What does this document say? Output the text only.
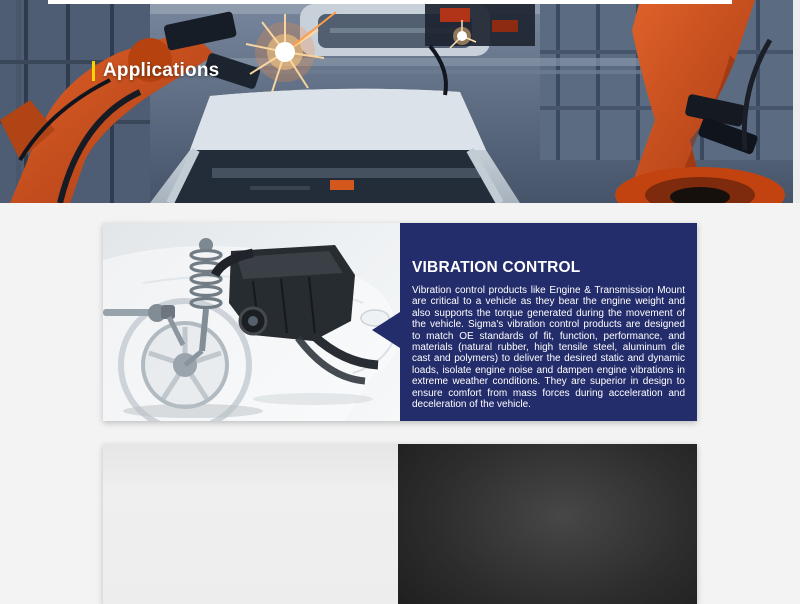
Applications
VIBRATION CONTROL

Vibration control products like Engine & Transmission Mount are critical to a vehicle as they bear the engine weight and also supports the torque generated during the movement of the vehicle. Sigma's vibration control products are designed to match OE standards of fit, function, performance, and materials (natural rubber, high tensile steel, aluminum die cast and polymers) to deliver the desired static and dynamic loads, isolate engine noise and dampen engine vibrations in extreme weather conditions. They are superior in design to ensure comfort from mass forces during acceleration and deceleration of the vehicle.
